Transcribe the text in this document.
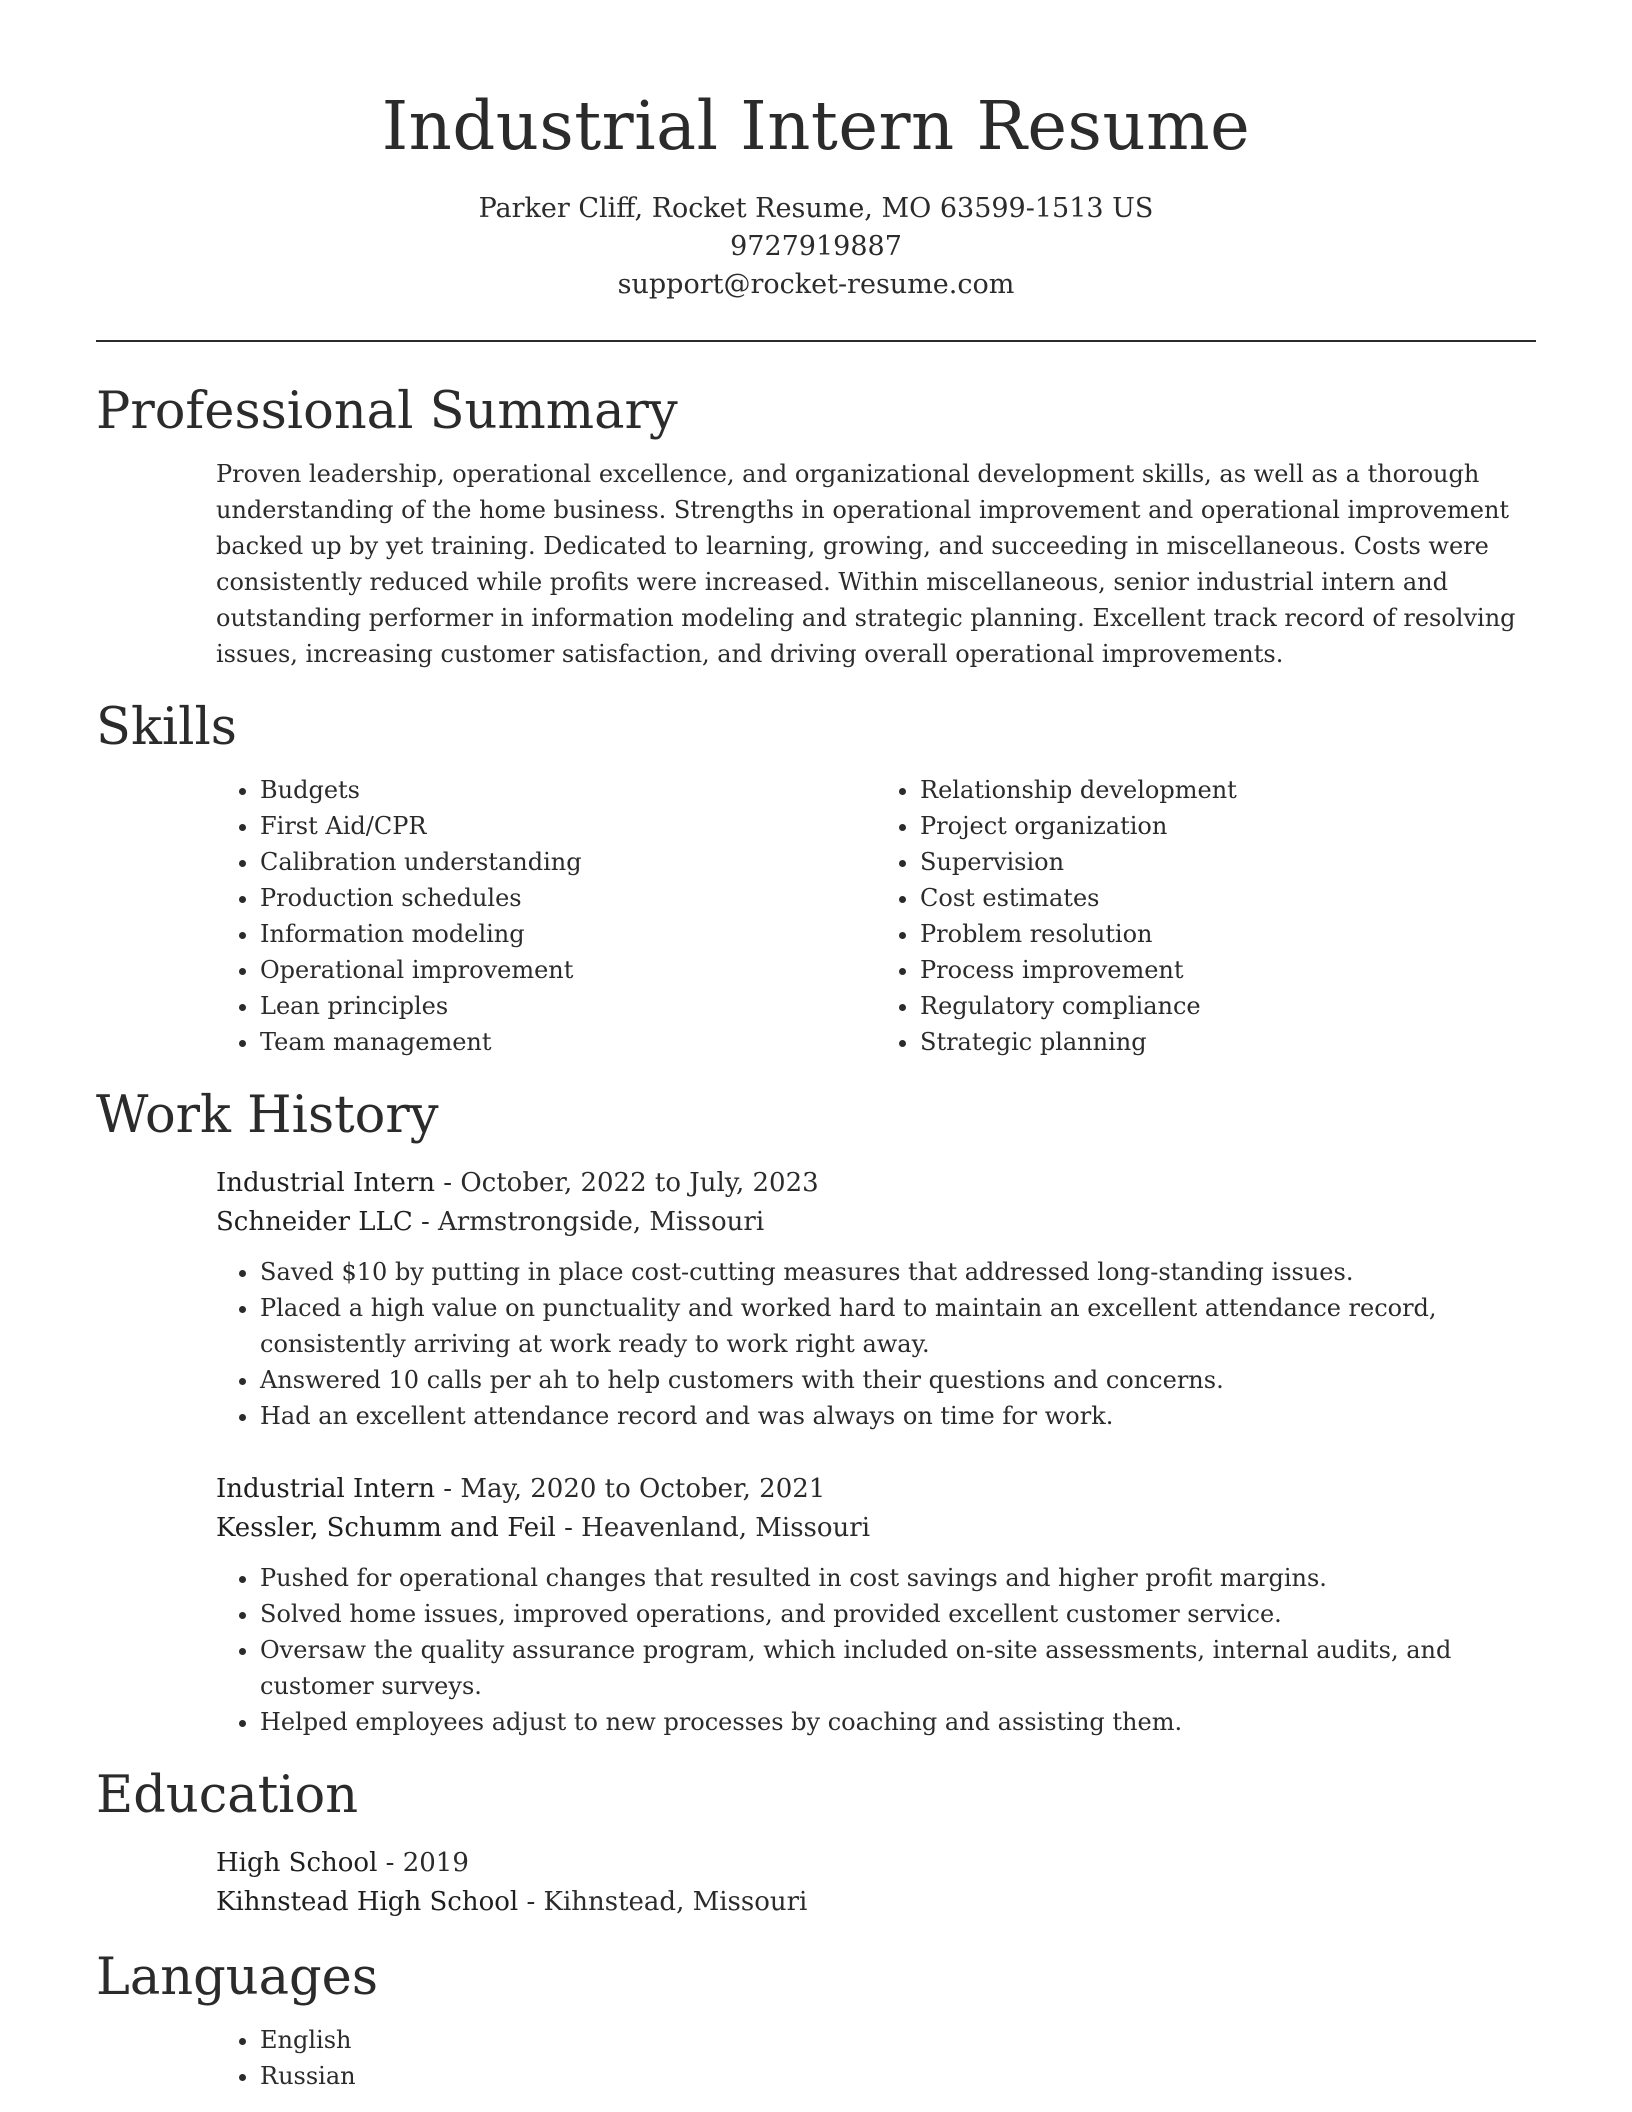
Industrial Intern Resume
Parker Cliff, Rocket Resume, MO 63599-1513 US
9727919887
support@rocket-resume.com
Professional Summary

Proven leadership, operational excellence, and organizational development skills, as well as a thorough understanding of the home business. Strengths in operational improvement and operational improvement backed up by yet training. Dedicated to learning, growing, and succeeding in miscellaneous. Costs were consistently reduced while profits were increased. Within miscellaneous, senior industrial intern and outstanding performer in information modeling and strategic planning. Excellent track record of resolving issues, increasing customer satisfaction, and driving overall operational improvements.

Skills
• Budgets
• First Aid/CPR
• Calibration understanding
• Production schedules
• Information modeling
• Operational improvement
• Lean principles
• Team management
• Relationship development
• Project organization
• Supervision
• Cost estimates
• Problem resolution
• Process improvement
• Regulatory compliance
• Strategic planning
Work History
Industrial Intern - October, 2022 to July, 2023
Schneider LLC - Armstrongside, Missouri
• Saved $10 by putting in place cost-cutting measures that addressed long-standing issues.
• Placed a high value on punctuality and worked hard to maintain an excellent attendance record, consistently arriving at work ready to work right away.
• Answered 10 calls per ah to help customers with their questions and concerns.
• Had an excellent attendance record and was always on time for work.
Industrial Intern - May, 2020 to October, 2021
Kessler, Schumm and Feil - Heavenland, Missouri
• Pushed for operational changes that resulted in cost savings and higher profit margins.
• Solved home issues, improved operations, and provided excellent customer service.
• Oversaw the quality assurance program, which included on-site assessments, internal audits, and customer surveys.
• Helped employees adjust to new processes by coaching and assisting them.
Education
High School - 2019
Kihnstead High School - Kihnstead, Missouri
Languages
• English
• Russian
